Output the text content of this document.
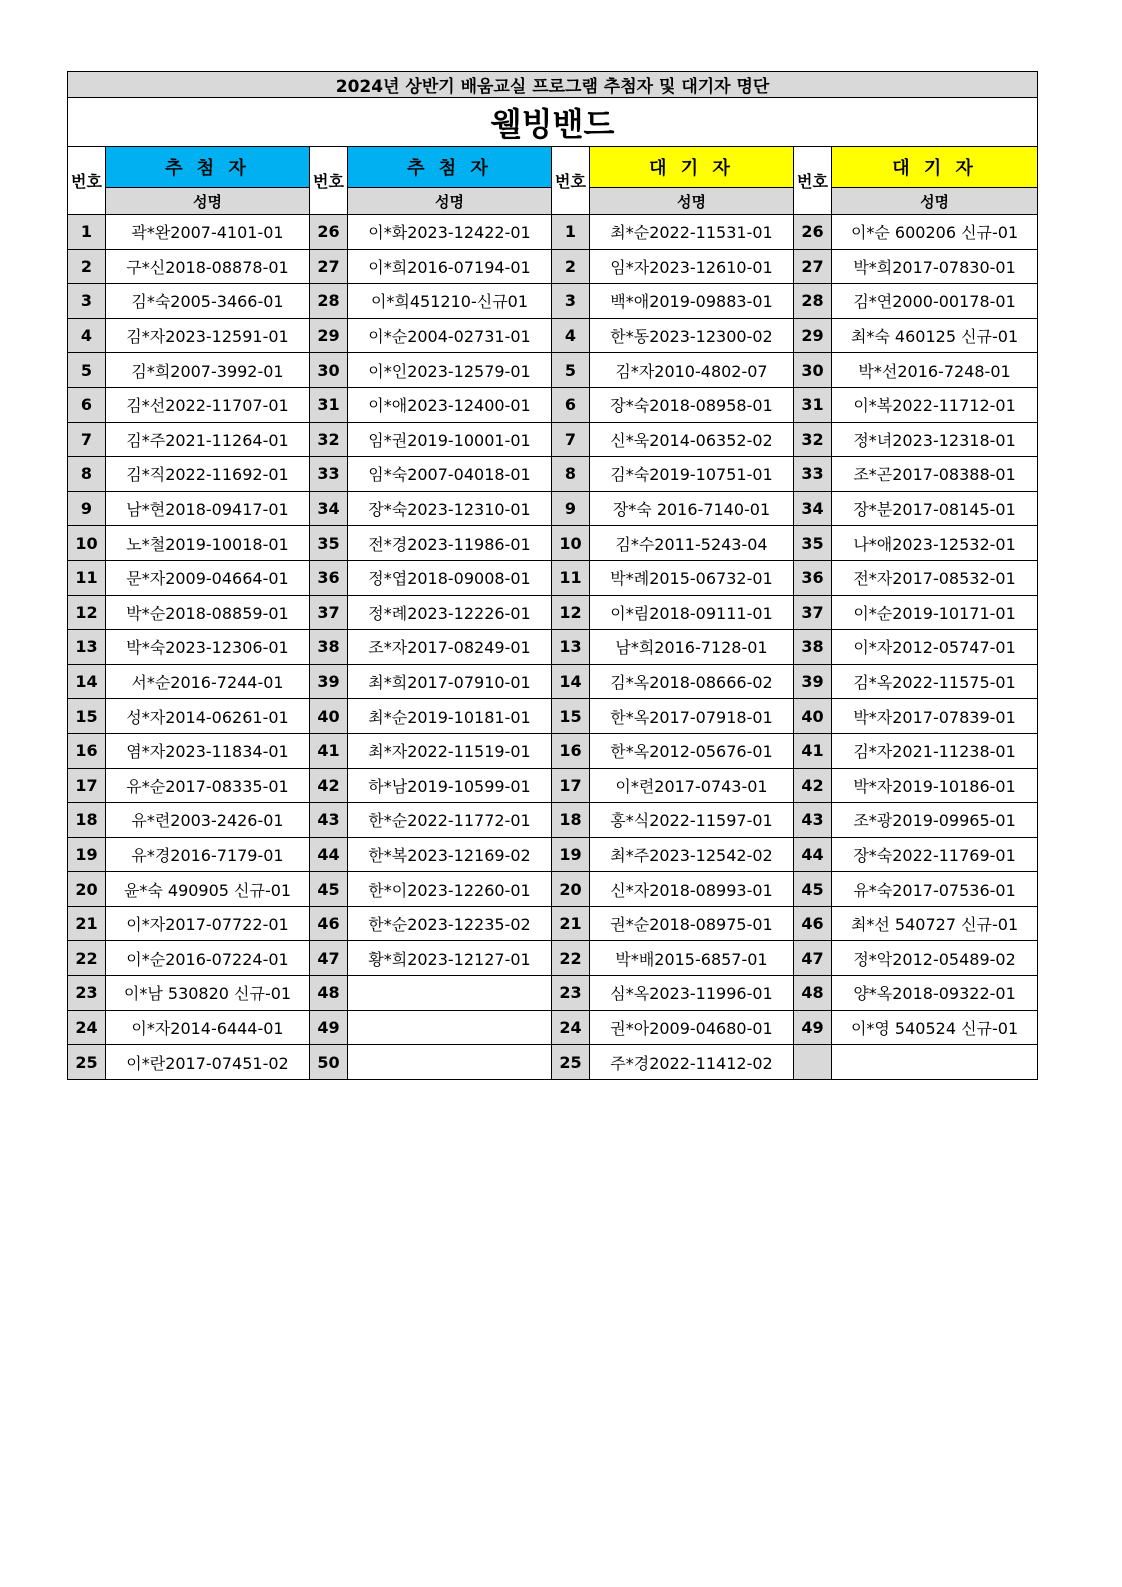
2024년 상반기 배움교실 프로그램 추첨자 및 대기자 명단							
웰빙밴드							
번호	추 첨 자	번호	추 첨 자	번호	대 기 자	번호	대 기 자
	성명		성명		성명		성명
1	곽*완2007-4101-01	26	이*화2023-12422-01	1	최*순2022-11531-01	26	이*순 600206 신규-01
2	구*신2018-08878-01	27	이*희2016-07194-01	2	임*자2023-12610-01	27	박*희2017-07830-01
3	김*숙2005-3466-01	28	이*희451210-신규01	3	백*애2019-09883-01	28	김*연2000-00178-01
4	김*자2023-12591-01	29	이*순2004-02731-01	4	한*동2023-12300-02	29	최*숙 460125 신규-01
5	김*희2007-3992-01	30	이*인2023-12579-01	5	김*자2010-4802-07	30	박*선2016-7248-01
6	김*선2022-11707-01	31	이*애2023-12400-01	6	장*숙2018-08958-01	31	이*복2022-11712-01
7	김*주2021-11264-01	32	임*권2019-10001-01	7	신*욱2014-06352-02	32	정*녀2023-12318-01
8	김*직2022-11692-01	33	임*숙2007-04018-01	8	김*숙2019-10751-01	33	조*곤2017-08388-01
9	남*현2018-09417-01	34	장*숙2023-12310-01	9	장*숙 2016-7140-01	34	장*분2017-08145-01
10	노*철2019-10018-01	35	전*경2023-11986-01	10	김*수2011-5243-04	35	나*애2023-12532-01
11	문*자2009-04664-01	36	정*엽2018-09008-01	11	박*례2015-06732-01	36	전*자2017-08532-01
12	박*순2018-08859-01	37	정*례2023-12226-01	12	이*림2018-09111-01	37	이*순2019-10171-01
13	박*숙2023-12306-01	38	조*자2017-08249-01	13	남*희2016-7128-01	38	이*자2012-05747-01
14	서*순2016-7244-01	39	최*희2017-07910-01	14	김*옥2018-08666-02	39	김*옥2022-11575-01
15	성*자2014-06261-01	40	최*순2019-10181-01	15	한*옥2017-07918-01	40	박*자2017-07839-01
16	염*자2023-11834-01	41	최*자2022-11519-01	16	한*옥2012-05676-01	41	김*자2021-11238-01
17	유*순2017-08335-01	42	하*남2019-10599-01	17	이*련2017-0743-01	42	박*자2019-10186-01
18	유*련2003-2426-01	43	한*순2022-11772-01	18	홍*식2022-11597-01	43	조*광2019-09965-01
19	유*경2016-7179-01	44	한*복2023-12169-02	19	최*주2023-12542-02	44	장*숙2022-11769-01
20	윤*숙 490905 신규-01	45	한*이2023-12260-01	20	신*자2018-08993-01	45	유*숙2017-07536-01
21	이*자2017-07722-01	46	한*순2023-12235-02	21	권*순2018-08975-01	46	최*선 540727 신규-01
22	이*순2016-07224-01	47	황*희2023-12127-01	22	박*배2015-6857-01	47	정*악2012-05489-02
23	이*남 530820 신규-01	48		23	심*옥2023-11996-01	48	양*옥2018-09322-01
24	이*자2014-6444-01	49		24	권*아2009-04680-01	49	이*영 540524 신규-01
25	이*란2017-07451-02	50		25	주*경2022-11412-02		
